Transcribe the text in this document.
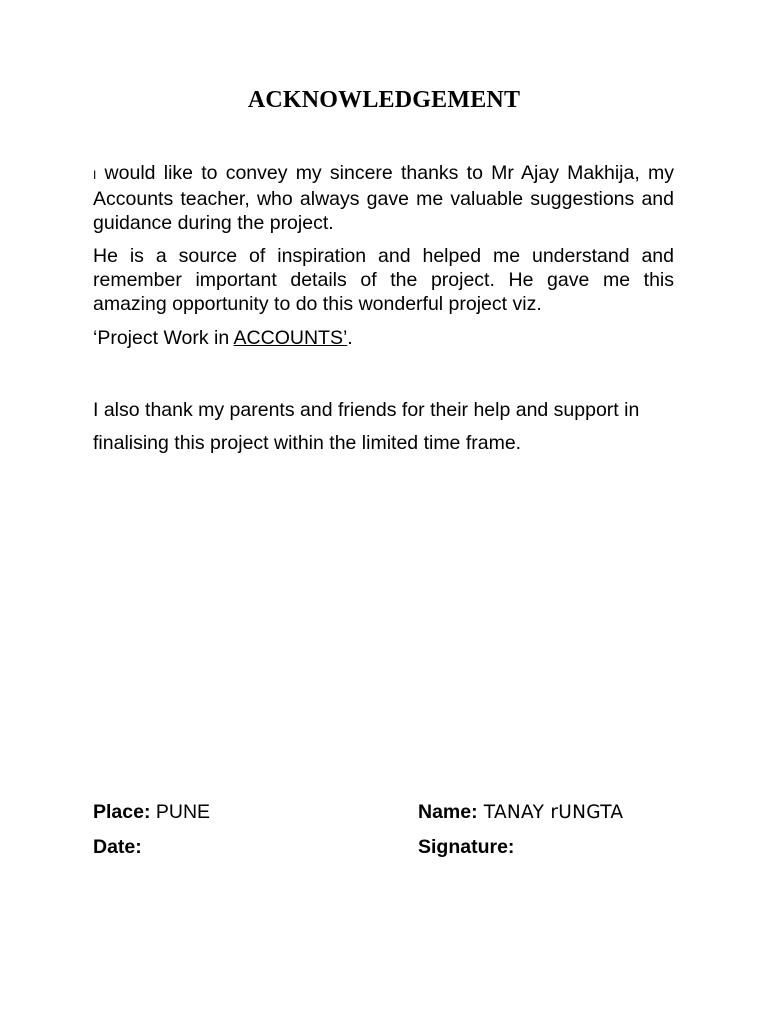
ACKNOWLEDGEMENT
I would like to convey my sincere thanks to Mr Ajay Makhija, my Accounts teacher, who always gave me valuable suggestions and guidance during the project.
He is a source of inspiration and helped me understand and remember important details of the project. He gave me this amazing opportunity to do this wonderful project viz.
‘Project Work in ACCOUNTS’.
I also thank my parents and friends for their help and support in finalising this project within the limited time frame.
Place: PUNE
Date:
Name: TANAY rUNGTA
Signature:
